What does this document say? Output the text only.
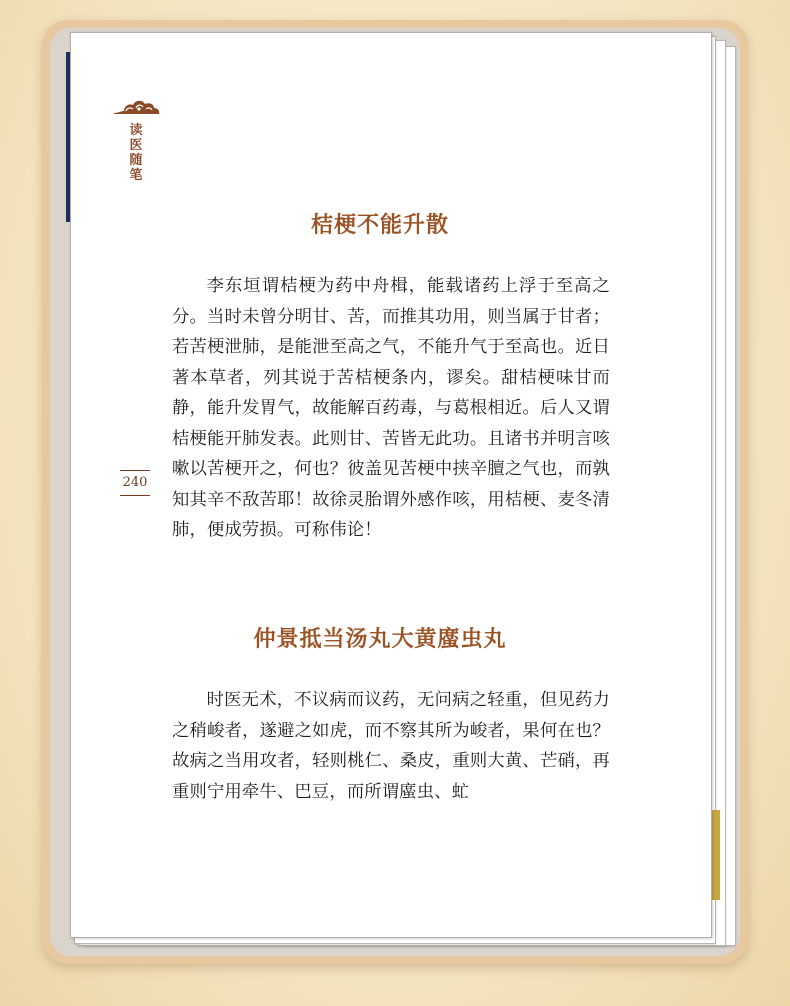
读医随笔
240
桔梗不能升散
李东垣谓桔梗为药中舟楫，能载诸药上浮于至高之分。当时未曾分明甘、苦，而推其功用，则当属于甘者；若苦梗泄肺，是能泄至高之气，不能升气于至高也。近日著本草者，列其说于苦桔梗条内，谬矣。甜桔梗味甘而静，能升发胃气，故能解百药毒，与葛根相近。后人又谓桔梗能开肺发表。此则甘、苦皆无此功。且诸书并明言咳嗽以苦梗开之，何也？彼盖见苦梗中挟辛膻之气也，而孰知其辛不敌苦耶！故徐灵胎谓外感作咳，用桔梗、麦冬清肺，便成劳损。可称伟论！
仲景抵当汤丸大黄䗪虫丸
时医无术，不议病而议药，无问病之轻重，但见药力之稍峻者，遂避之如虎，而不察其所为峻者，果何在也？故病之当用攻者，轻则桃仁、桑皮，重则大黄、芒硝，再重则宁用牵牛、巴豆，而所谓䗪虫、虻
